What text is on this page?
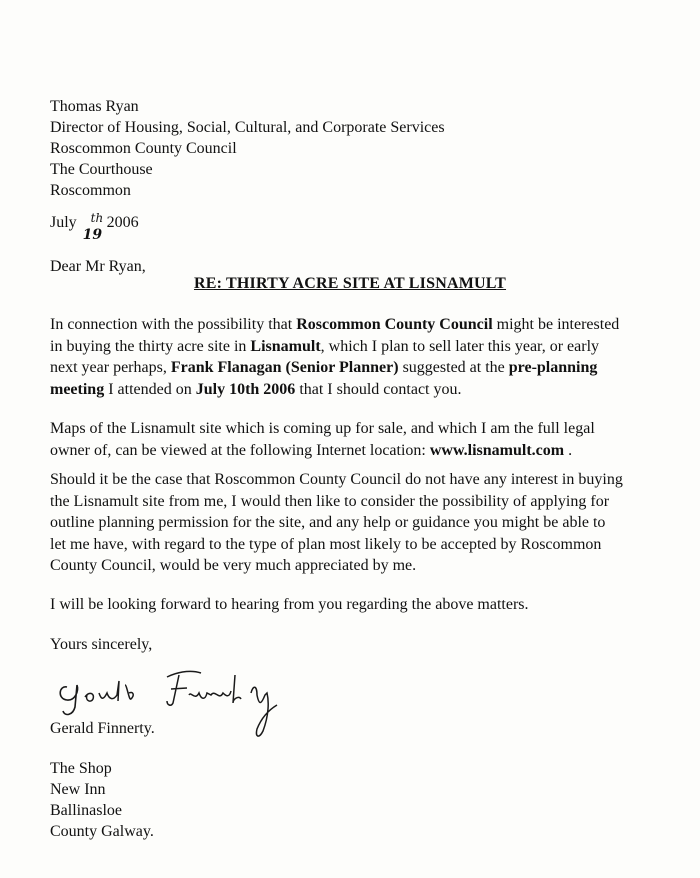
Thomas Ryan
Director of Housing, Social, Cultural, and Corporate Services
Roscommon County Council
The Courthouse
Roscommon
July
19
th 2006
Dear Mr Ryan,
RE: THIRTY ACRE SITE AT LISNAMULT
In connection with the possibility that Roscommon County Council might be interested
in buying the thirty acre site in Lisnamult, which I plan to sell later this year, or early
next year perhaps, Frank Flanagan (Senior Planner) suggested at the pre-planning
meeting I attended on July 10th 2006 that I should contact you.
Maps of the Lisnamult site which is coming up for sale, and which I am the full legal
owner of, can be viewed at the following Internet location: www.lisnamult.com .
Should it be the case that Roscommon County Council do not have any interest in buying
the Lisnamult site from me, I would then like to consider the possibility of applying for
outline planning permission for the site, and any help or guidance you might be able to
let me have, with regard to the type of plan most likely to be accepted by Roscommon
County Council, would be very much appreciated by me.
I will be looking forward to hearing from you regarding the above matters.
Yours sincerely,
Gerald Finnerty.
The Shop
New Inn
Ballinasloe
County Galway.
